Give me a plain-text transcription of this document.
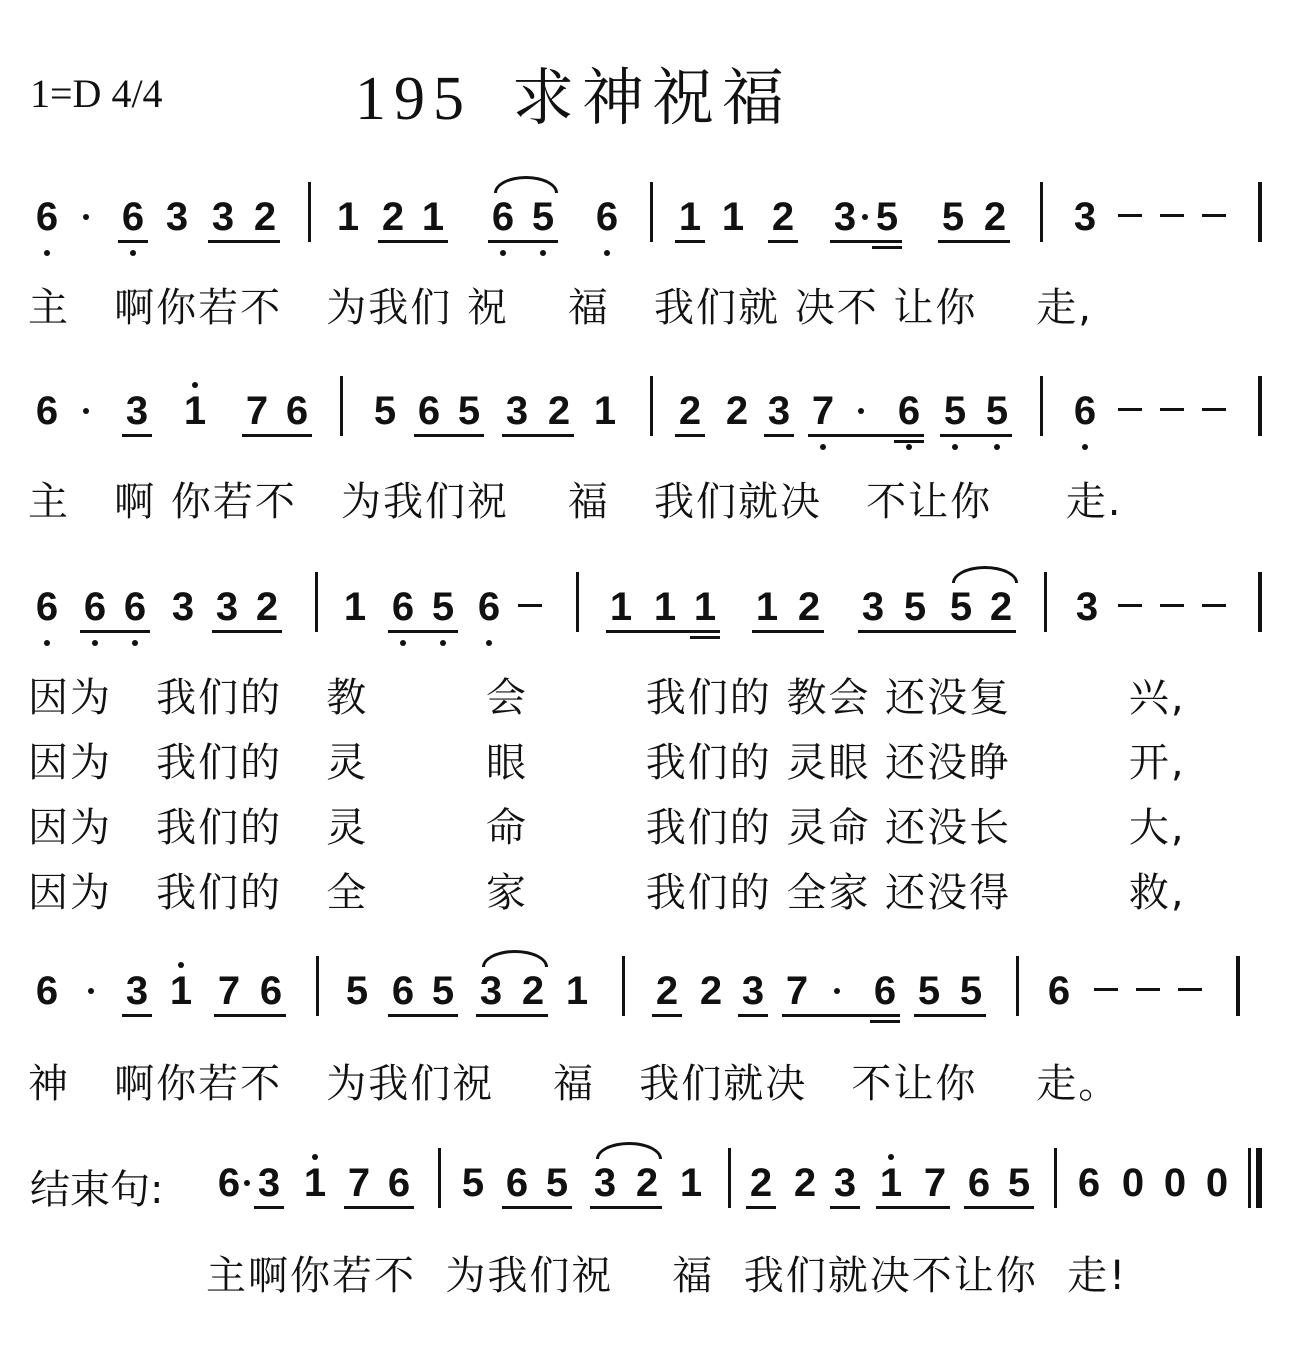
1=D 4/4	195 求神祝福
6 6 3 3 2 1 2 1 6 5 6 1 1 2 3 5 5 2 3
主   啊你若不   为我们 祝    福   我们就 决不 让你    走,
6 3 1 7 6 5 6 5 3 2 1 2 2 3 7 6 5 5 6
主   啊 你若不   为我们祝    福   我们就决   不让你     走.
6 6 6 3 3 2 1 6 5 6	1 1 1 1 2 3 5 5 2 3
因为   我们的   教        会        我们的 教会 还没复        兴,
因为   我们的   灵        眼        我们的 灵眼 还没睁        开,
因为   我们的   灵        命        我们的 灵命 还没长        大,
因为   我们的   全        家        我们的 全家 还没得        救,
6 3 1 7 6 5 6 5 3 2 1 2 2 3 7 6 5 5 6
神   啊你若不   为我们祝    福   我们就决   不让你    走。
结束句: 6 3 1 7 6 5 6 5 3 2 1 2 2 3 1 7 6 5 6 0 0 0
主啊你若不  为我们祝    福  我们就决不让你  走!
